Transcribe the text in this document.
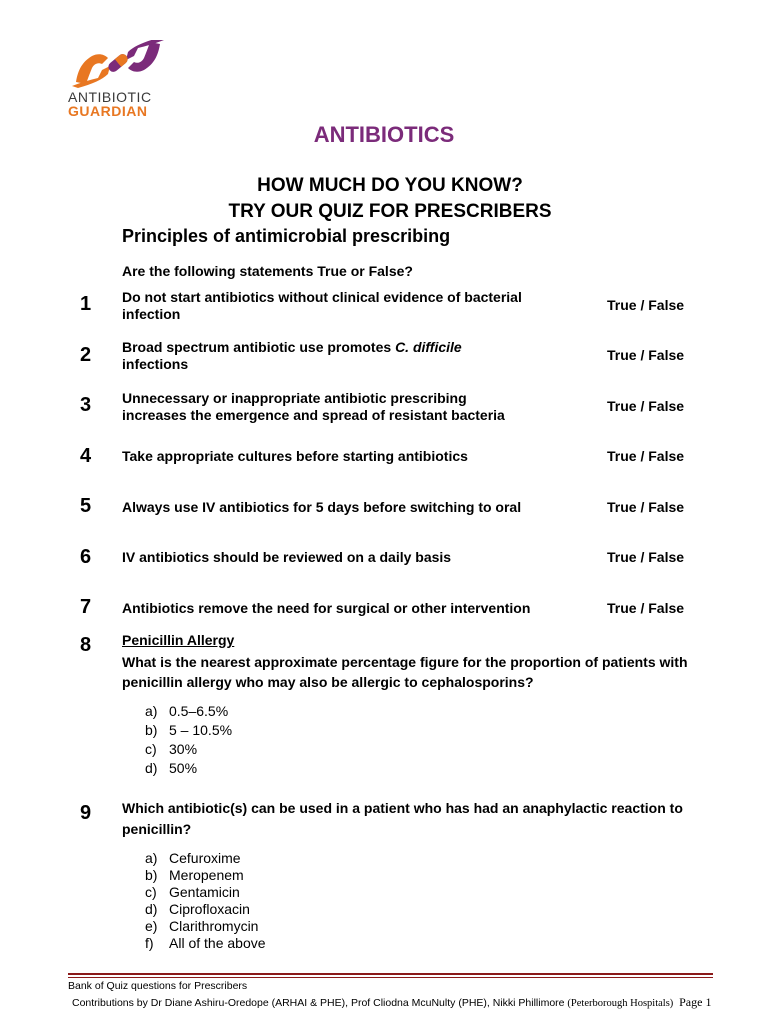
ANTIBIOTIC
GUARDIAN
ANTIBIOTICS
HOW MUCH DO YOU KNOW?
TRY OUR QUIZ FOR PRESCRIBERS
Principles of antimicrobial prescribing
Are the following statements True or False?
1 Do not start antibiotics without clinical evidence of bacterial
infection
True / False
2 Broad spectrum antibiotic use promotes C. difficile
infections
True / False
3 Unnecessary or inappropriate antibiotic prescribing
increases the emergence and spread of resistant bacteria
True / False
4 Take appropriate cultures before starting antibiotics	True / False
5 Always use IV antibiotics for 5 days before switching to oral	True / False
6 IV antibiotics should be reviewed on a daily basis	True / False
7 Antibiotics remove the need for surgical or other intervention	True / False
8 Penicillin Allergy
What is the nearest approximate percentage figure for the proportion of patients with penicillin allergy who may also be allergic to cephalosporins?
a) 0.5–6.5%
b) 5 – 10.5%
c) 30%
d) 50%
9 Which antibiotic(s) can be used in a patient who has had an anaphylactic reaction to penicillin?
a) Cefuroxime
b) Meropenem
c) Gentamicin
d) Ciprofloxacin
e) Clarithromycin
f)	All of the above
Bank of Quiz questions for Prescribers
Contributions by Dr Diane Ashiru-Oredope (ARHAI & PHE), Prof Cliodna McuNulty (PHE), Nikki Phillimore (Peterborough Hospitals) Page 1
